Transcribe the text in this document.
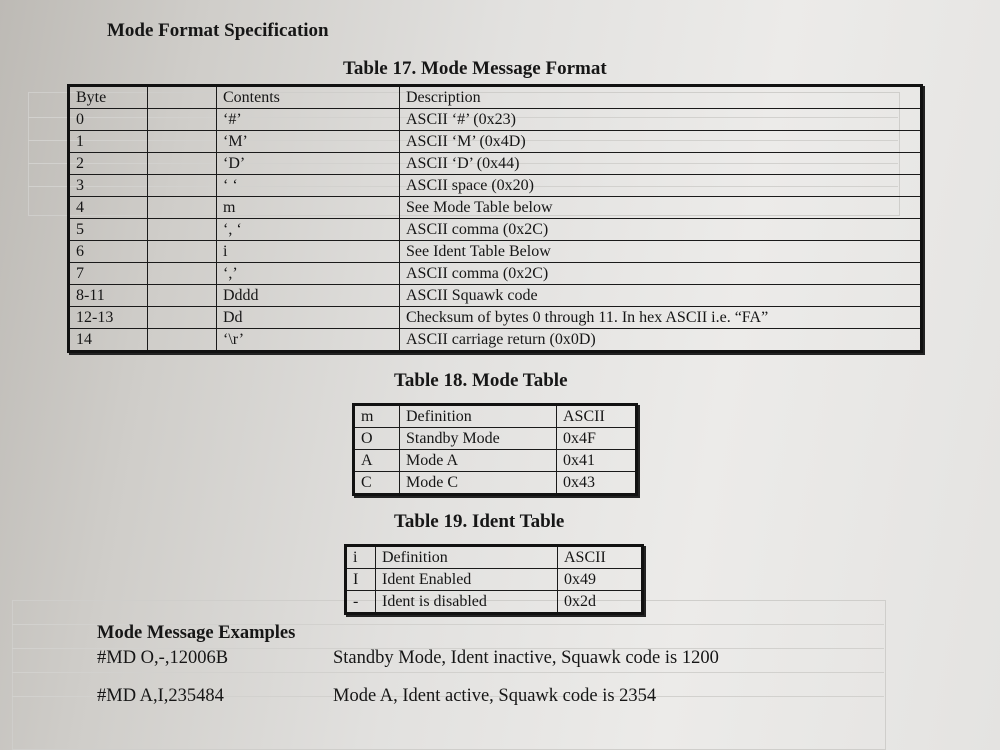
Mode Format Specification
Table 17. Mode Message Format
Byte		Contents	Description
0		‘#’	ASCII ‘#’ (0x23)
1		‘M’	ASCII ‘M’ (0x4D)
2		‘D’	ASCII ‘D’ (0x44)
3		‘ ‘	ASCII space (0x20)
4		m	See Mode Table below
5		‘, ‘	ASCII comma (0x2C)
6		i	See Ident Table Below
7		‘,’	ASCII comma (0x2C)
8-11		Dddd	ASCII Squawk code
12-13		Dd	Checksum of bytes 0 through 11. In hex ASCII i.e. “FA”
14		‘\r’	ASCII carriage return (0x0D)
Table 18. Mode Table
m	Definition	ASCII
O	Standby Mode	0x4F
A	Mode A	0x41
C	Mode C	0x43
Table 19. Ident Table
i	Definition	ASCII
I	Ident Enabled	0x49
-	Ident is disabled	0x2d
Mode Message Examples
#MD O,-,12006B	Standby Mode, Ident inactive, Squawk code is 1200
#MD A,I,235484	Mode A, Ident active, Squawk code is 2354
